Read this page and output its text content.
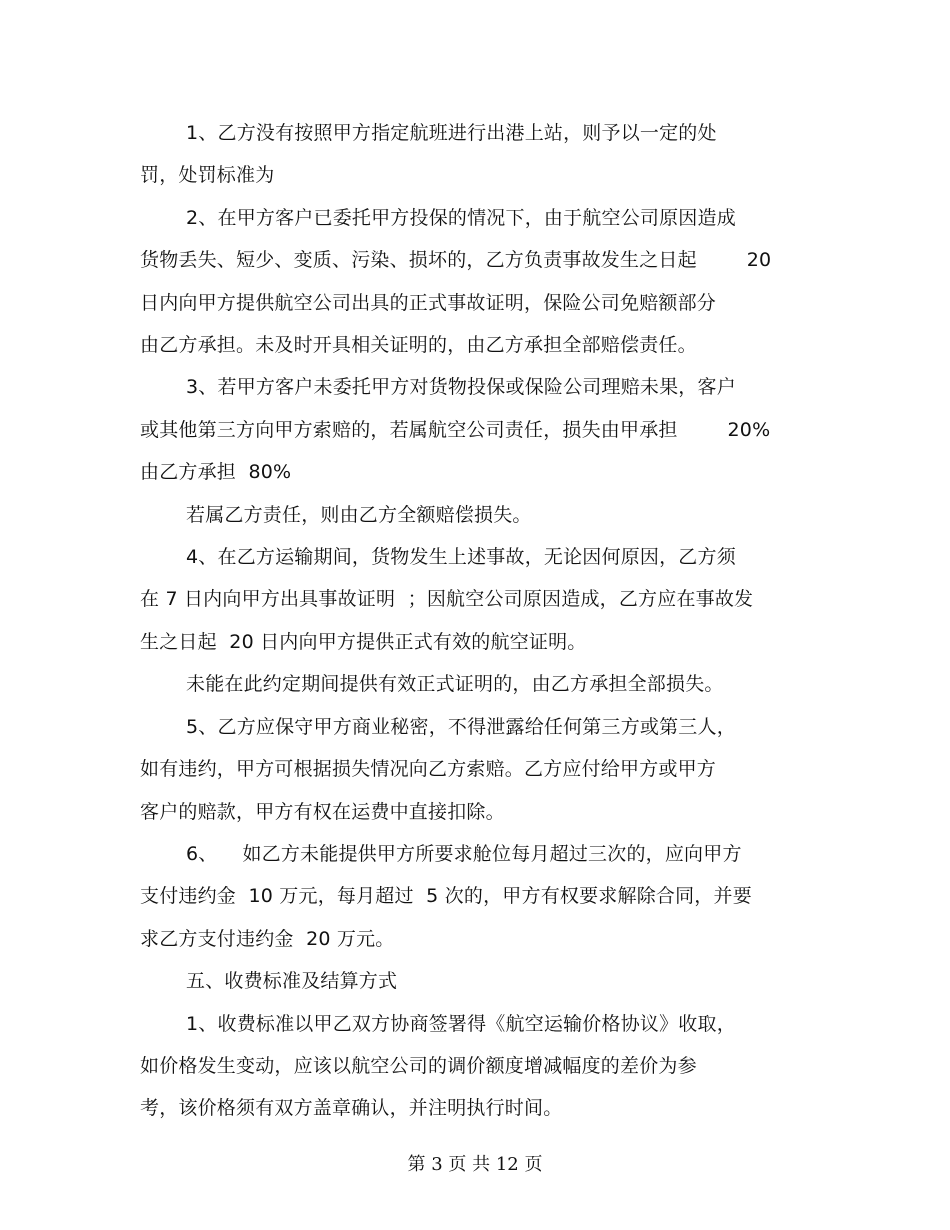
1、乙方没有按照甲方指定航班进行出港上站，则予以一定的处
罚，处罚标准为
2、在甲方客户已委托甲方投保的情况下，由于航空公司原因造成
货物丢失、短少、变质、污染、损坏的，乙方负责事故发生之日起        20
日内向甲方提供航空公司出具的正式事故证明，保险公司免赔额部分
由乙方承担。未及时开具相关证明的，由乙方承担全部赔偿责任。
3、若甲方客户未委托甲方对货物投保或保险公司理赔未果，客户
或其他第三方向甲方索赔的，若属航空公司责任，损失由甲承担        20%
由乙方承担  80%
若属乙方责任，则由乙方全额赔偿损失。
4、在乙方运输期间，货物发生上述事故，无论因何原因，乙方须
在 7 日内向甲方出具事故证明  ；因航空公司原因造成，乙方应在事故发
生之日起  20 日内向甲方提供正式有效的航空证明。
未能在此约定期间提供有效正式证明的，由乙方承担全部损失。
5、乙方应保守甲方商业秘密，不得泄露给任何第三方或第三人，
如有违约，甲方可根据损失情况向乙方索赔。乙方应付给甲方或甲方
客户的赔款，甲方有权在运费中直接扣除。
6、    如乙方未能提供甲方所要求舱位每月超过三次的，应向甲方
支付违约金  10 万元，每月超过  5 次的，甲方有权要求解除合同，并要
求乙方支付违约金  20 万元。
五、收费标准及结算方式
1、收费标准以甲乙双方协商签署得《航空运输价格协议》收取，
如价格发生变动，应该以航空公司的调价额度增减幅度的差价为参
考，该价格须有双方盖章确认，并注明执行时间。
第 3 页 共 12 页
